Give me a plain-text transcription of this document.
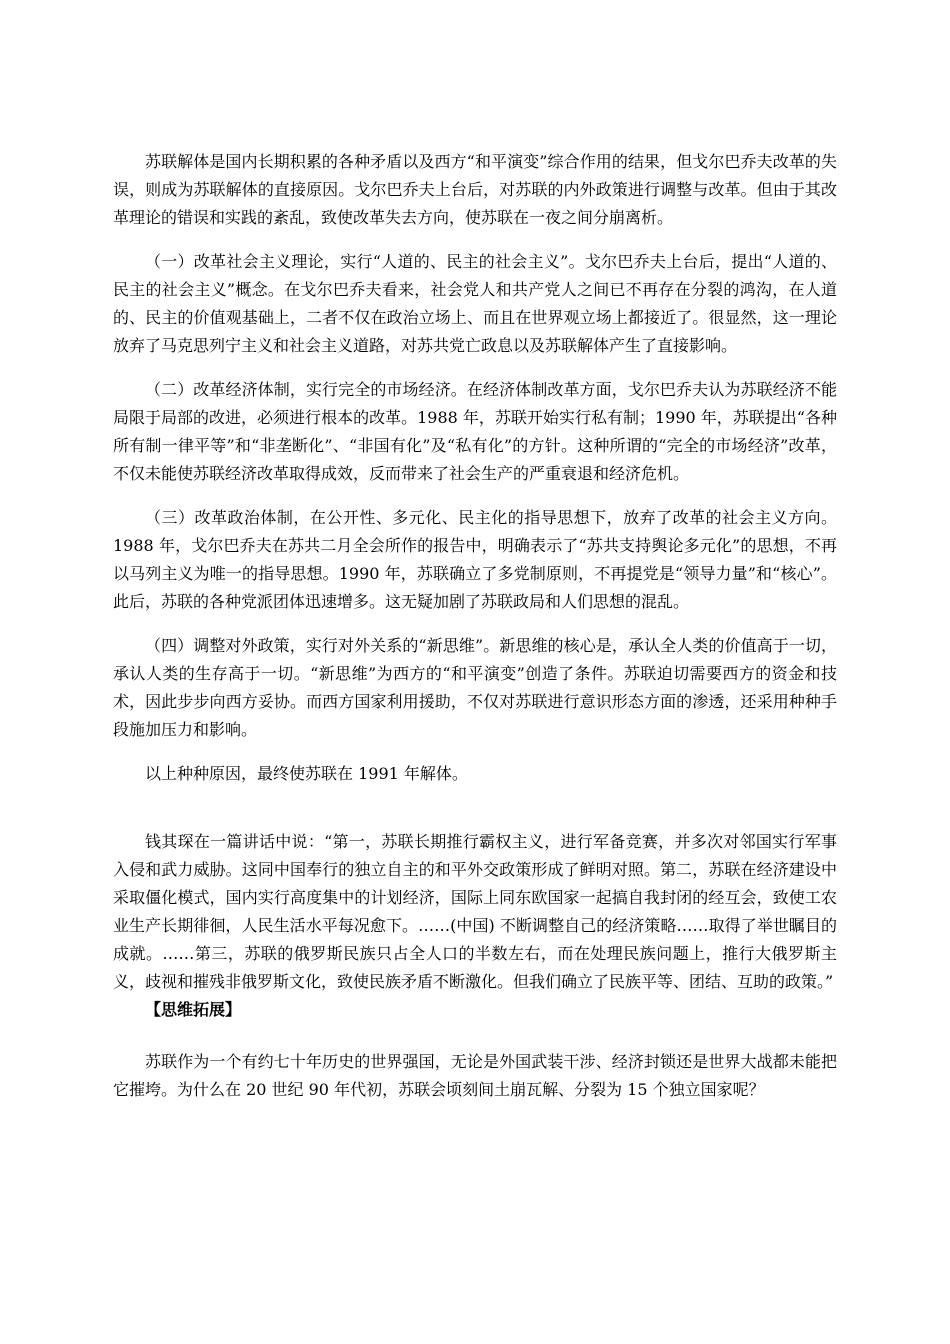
苏联解体是国内长期积累的各种矛盾以及西方“和平演变”综合作用的结果，但戈尔巴乔夫改革的失误，则成为苏联解体的直接原因。戈尔巴乔夫上台后，对苏联的内外政策进行调整与改革。但由于其改革理论的错误和实践的紊乱，致使改革失去方向，使苏联在一夜之间分崩离析。

（一）改革社会主义理论，实行“人道的、民主的社会主义”。戈尔巴乔夫上台后，提出“人道的、民主的社会主义”概念。在戈尔巴乔夫看来，社会党人和共产党人之间已不再存在分裂的鸿沟，在人道的、民主的价值观基础上，二者不仅在政治立场上、而且在世界观立场上都接近了。很显然，这一理论放弃了马克思列宁主义和社会主义道路，对苏共党亡政息以及苏联解体产生了直接影响。

（二）改革经济体制，实行完全的市场经济。在经济体制改革方面，戈尔巴乔夫认为苏联经济不能局限于局部的改进，必须进行根本的改革。1988 年，苏联开始实行私有制；1990 年，苏联提出“各种所有制一律平等”和“非垄断化”、“非国有化”及“私有化”的方针。这种所谓的“完全的市场经济”改革，不仅未能使苏联经济改革取得成效，反而带来了社会生产的严重衰退和经济危机。

（三）改革政治体制，在公开性、多元化、民主化的指导思想下，放弃了改革的社会主义方向。1988 年，戈尔巴乔夫在苏共二月全会所作的报告中，明确表示了“苏共支持舆论多元化”的思想，不再以马列主义为唯一的指导思想。1990 年，苏联确立了多党制原则，不再提党是“领导力量”和“核心”。此后，苏联的各种党派团体迅速增多。这无疑加剧了苏联政局和人们思想的混乱。

（四）调整对外政策，实行对外关系的“新思维”。新思维的核心是，承认全人类的价值高于一切，承认人类的生存高于一切。“新思维”为西方的“和平演变”创造了条件。苏联迫切需要西方的资金和技术，因此步步向西方妥协。而西方国家利用援助，不仅对苏联进行意识形态方面的渗透，还采用种种手段施加压力和影响。

以上种种原因，最终使苏联在 1991 年解体。

钱其琛在一篇讲话中说：“第一，苏联长期推行霸权主义，进行军备竞赛，并多次对邻国实行军事入侵和武力威胁。这同中国奉行的独立自主的和平外交政策形成了鲜明对照。第二，苏联在经济建设中采取僵化模式，国内实行高度集中的计划经济，国际上同东欧国家一起搞自我封闭的经互会，致使工农业生产长期徘徊，人民生活水平每况愈下。……(中国) 不断调整自己的经济策略……取得了举世瞩目的成就。……第三，苏联的俄罗斯民族只占全人口的半数左右，而在处理民族问题上，推行大俄罗斯主义，歧视和摧残非俄罗斯文化，致使民族矛盾不断激化。但我们确立了民族平等、团结、互助的政策。”

【思维拓展】

苏联作为一个有约七十年历史的世界强国，无论是外国武装干涉、经济封锁还是世界大战都未能把它摧垮。为什么在 20 世纪 90 年代初，苏联会顷刻间土崩瓦解、分裂为 15 个独立国家呢？
